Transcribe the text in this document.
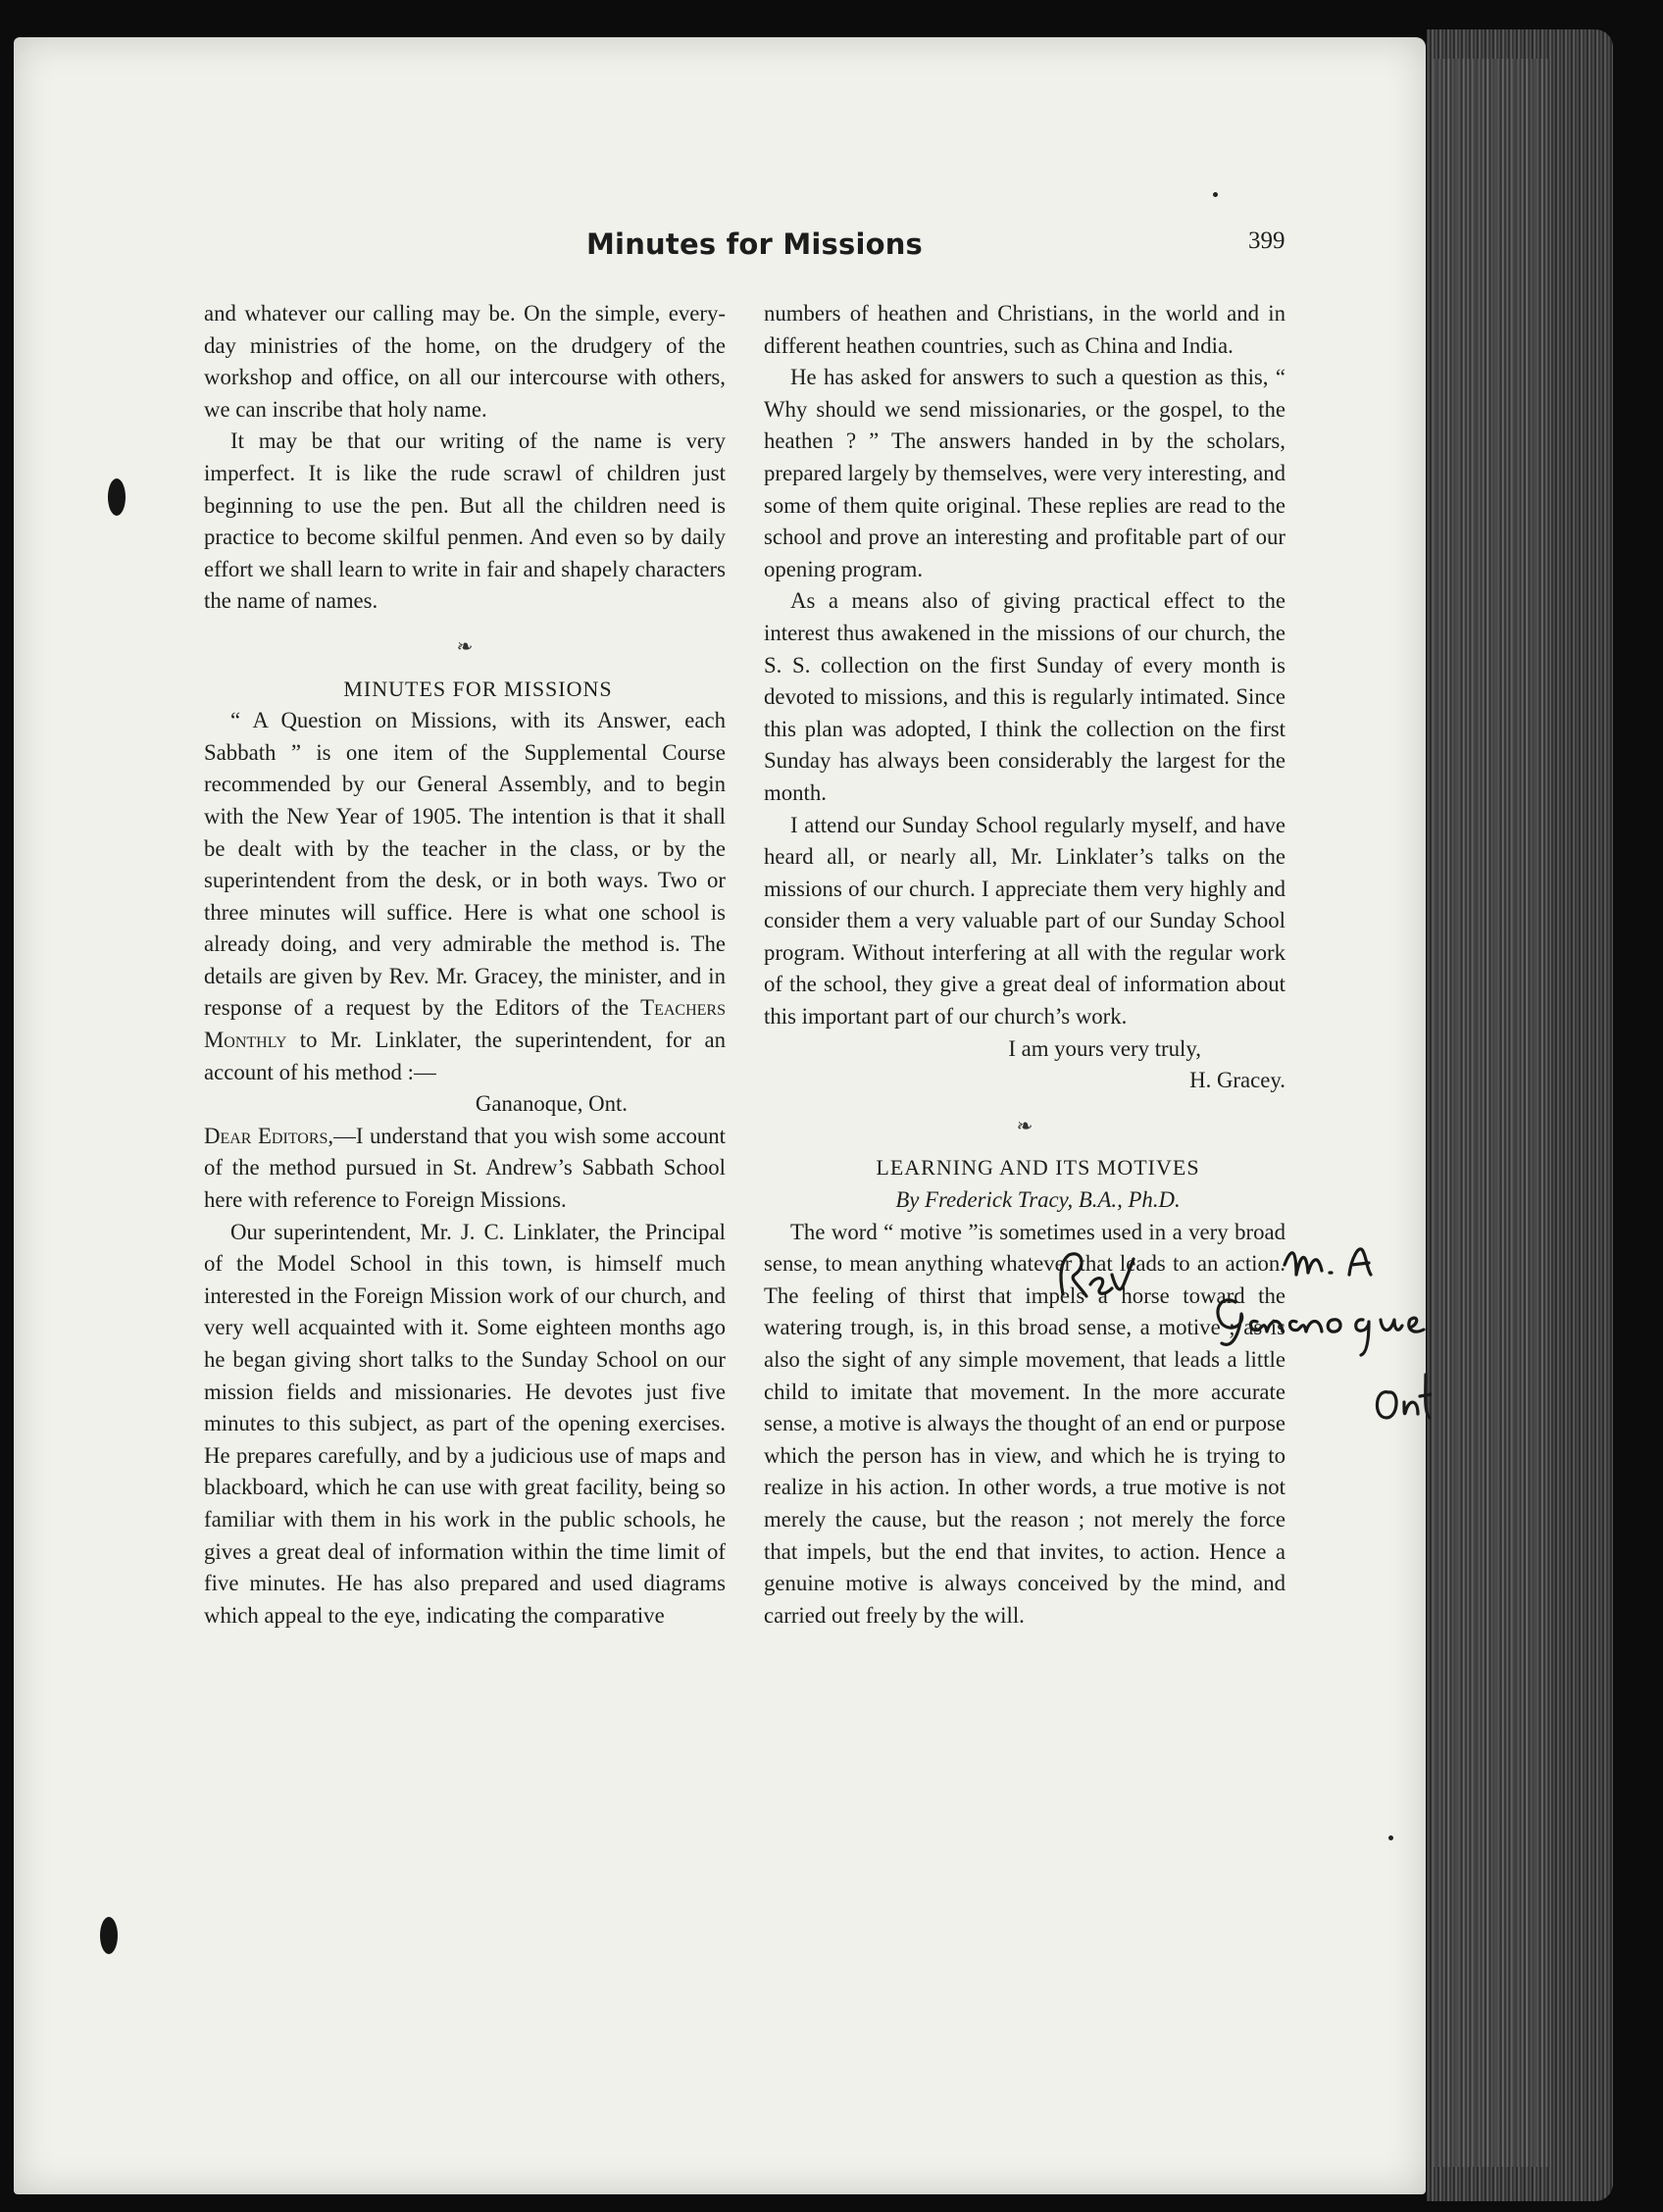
Minutes for Missions	399

and whatever our calling may be. On the simple, every-day ministries of the home, on the drudgery of the workshop and office, on all our intercourse with others, we can inscribe that holy name.

It may be that our writing of the name is very imperfect. It is like the rude scrawl of children just beginning to use the pen. But all the children need is practice to become skilful penmen. And even so by daily effort we shall learn to write in fair and shapely characters the name of names.

❧

MINUTES FOR MISSIONS

“ A Question on Missions, with its Answer, each Sabbath ” is one item of the Supplemental Course recommended by our General Assembly, and to begin with the New Year of 1905. The intention is that it shall be dealt with by the teacher in the class, or by the superintendent from the desk, or in both ways. Two or three minutes will suffice. Here is what one school is already doing, and very admirable the method is. The details are given by Rev. Mr. Gracey, the minister, and in response of a request by the Editors of the Teachers Monthly to Mr. Linklater, the superintendent, for an account of his method :—

Gananoque, Ont.

Dear Editors,—I understand that you wish some account of the method pursued in St. Andrew’s Sabbath School here with reference to Foreign Missions.

Our superintendent, Mr. J. C. Linklater, the Principal of the Model School in this town, is himself much interested in the Foreign Mission work of our church, and very well acquainted with it. Some eighteen months ago he began giving short talks to the Sunday School on our mission fields and missionaries. He devotes just five minutes to this subject, as part of the opening exercises. He prepares carefully, and by a judicious use of maps and blackboard, which he can use with great facility, being so familiar with them in his work in the public schools, he gives a great deal of information within the time limit of five minutes. He has also prepared and used diagrams which appeal to the eye, indicating the comparative

numbers of heathen and Christians, in the world and in different heathen countries, such as China and India.

He has asked for answers to such a question as this, “ Why should we send missionaries, or the gospel, to the heathen ? ” The answers handed in by the scholars, prepared largely by themselves, were very interesting, and some of them quite original. These replies are read to the school and prove an interesting and profitable part of our opening program.

As a means also of giving practical effect to the interest thus awakened in the missions of our church, the S. S. collection on the first Sunday of every month is devoted to missions, and this is regularly intimated. Since this plan was adopted, I think the collection on the first Sunday has always been considerably the largest for the month.

I attend our Sunday School regularly myself, and have heard all, or nearly all, Mr. Linklater’s talks on the missions of our church. I appreciate them very highly and consider them a very valuable part of our Sunday School program. Without interfering at all with the regular work of the school, they give a great deal of information about this important part of our church’s work.

I am yours very truly,

H. Gracey.

❧

LEARNING AND ITS MOTIVES

By Frederick Tracy, B.A., Ph.D.

The word “ motive ”is sometimes used in a very broad sense, to mean anything whatever that leads to an action. The feeling of thirst that impels a horse toward the watering trough, is, in this broad sense, a motive ; as is also the sight of any simple movement, that leads a little child to imitate that movement. In the more accurate sense, a motive is always the thought of an end or purpose which the person has in view, and which he is trying to realize in his action. In other words, a true motive is not merely the cause, but the reason ; not merely the force that impels, but the end that invites, to action. Hence a genuine motive is always conceived by the mind, and carried out freely by the will.
